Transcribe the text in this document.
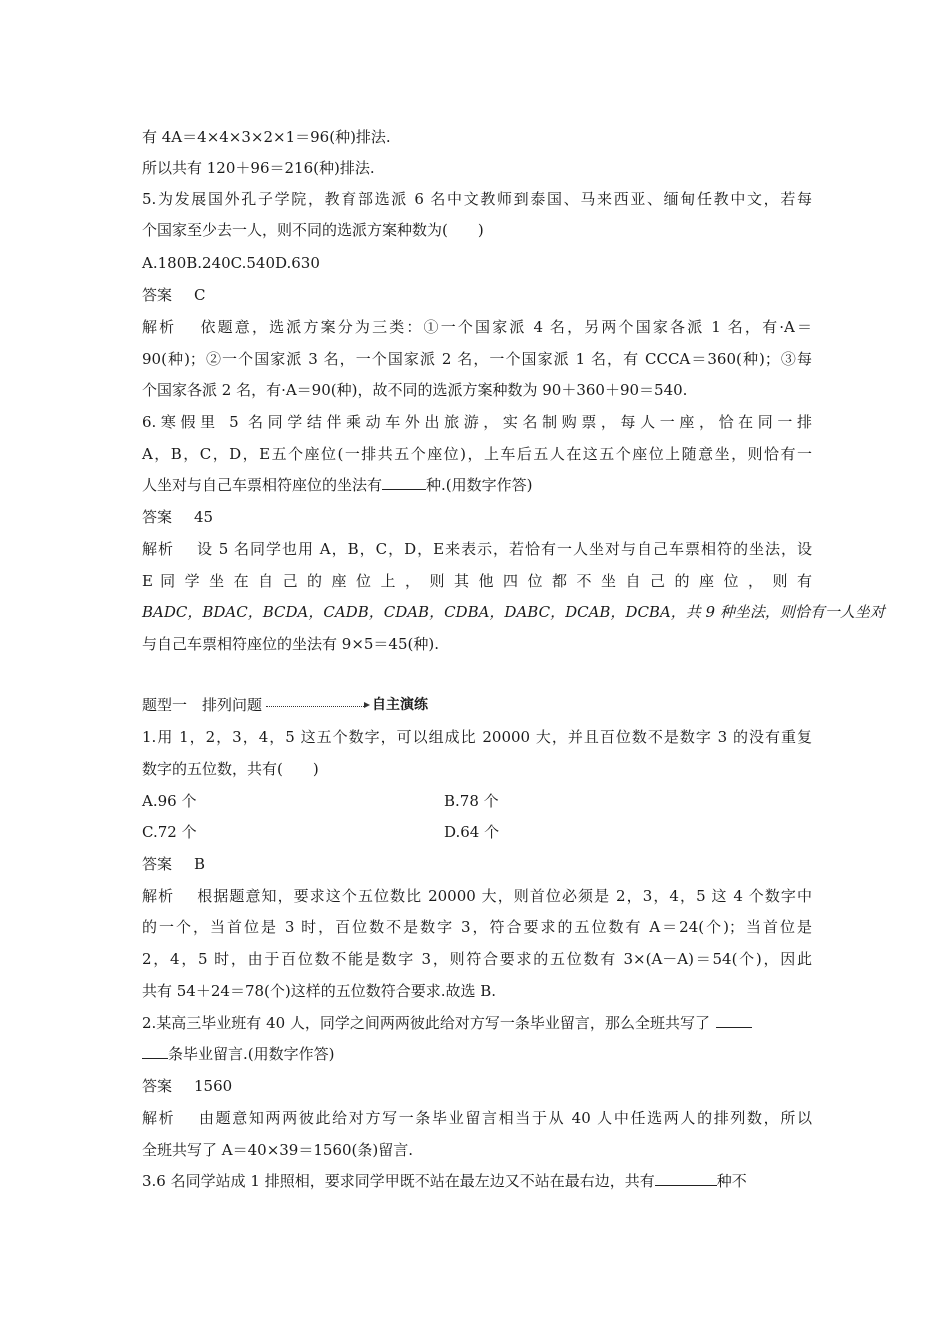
有 4A＝4×4×3×2×1＝96(种)排法.
所以共有 120＋96＝216(种)排法.
5.为发展国外孔子学院，教育部选派 6 名中文教师到泰国、马来西亚、缅甸任教中文，若每
个国家至少去一人，则不同的选派方案种数为(　　)
A.180B.240C.540D.630
答案 C
解析 依题意，选派方案分为三类：①一个国家派 4 名，另两个国家各派 1 名，有·A＝
90(种)；②一个国家派 3 名，一个国家派 2 名，一个国家派 1 名，有 CCCA＝360(种)；③每
个国家各派 2 名，有·A＝90(种)，故不同的选派方案种数为 90＋360＋90＝540.
6.寒假里 5 名同学结伴乘动车外出旅游，实名制购票，每人一座，恰在同一排
A，B，C，D，E五个座位(一排共五个座位)，上车后五人在这五个座位上随意坐，则恰有一
人坐对与自己车票相符座位的坐法有	种.(用数字作答)
答案 45
解析 设 5 名同学也用 A，B，C，D，E来表示，若恰有一人坐对与自己车票相符的坐法，设
E 同 学 坐 在 自 己 的 座 位 上 ， 则 其 他 四 位 都 不 坐 自 己 的 座 位 ， 则 有
BADC，BDAC，BCDA，CADB，CDAB，CDBA，DABC，DCAB，DCBA，共 9 种坐法，则恰有一人坐对
与自己车票相符座位的坐法有 9×5＝45(种).
题型一　排列问题	自主演练
1.用 1，2，3，4，5 这五个数字，可以组成比 20000 大，并且百位数不是数字 3 的没有重复
数字的五位数，共有(　　)
A.96 个	B.78 个
C.72 个	D.64 个
答案 B
解析 根据题意知，要求这个五位数比 20000 大，则首位必须是 2，3，4，5 这 4 个数字中
的一个，当首位是 3 时，百位数不是数字 3，符合要求的五位数有 A＝24(个)；当首位是
2，4，5 时，由于百位数不能是数字 3，则符合要求的五位数有 3×(A－A)＝54(个)，因此
共有 54＋24＝78(个)这样的五位数符合要求.故选 B.
2.某高三毕业班有 40 人，同学之间两两彼此给对方写一条毕业留言，那么全班共写了
条毕业留言.(用数字作答)
答案 1560
解析 由题意知两两彼此给对方写一条毕业留言相当于从 40 人中任选两人的排列数，所以
全班共写了 A＝40×39＝1560(条)留言.
3.6 名同学站成 1 排照相，要求同学甲既不站在最左边又不站在最右边，共有	种不
